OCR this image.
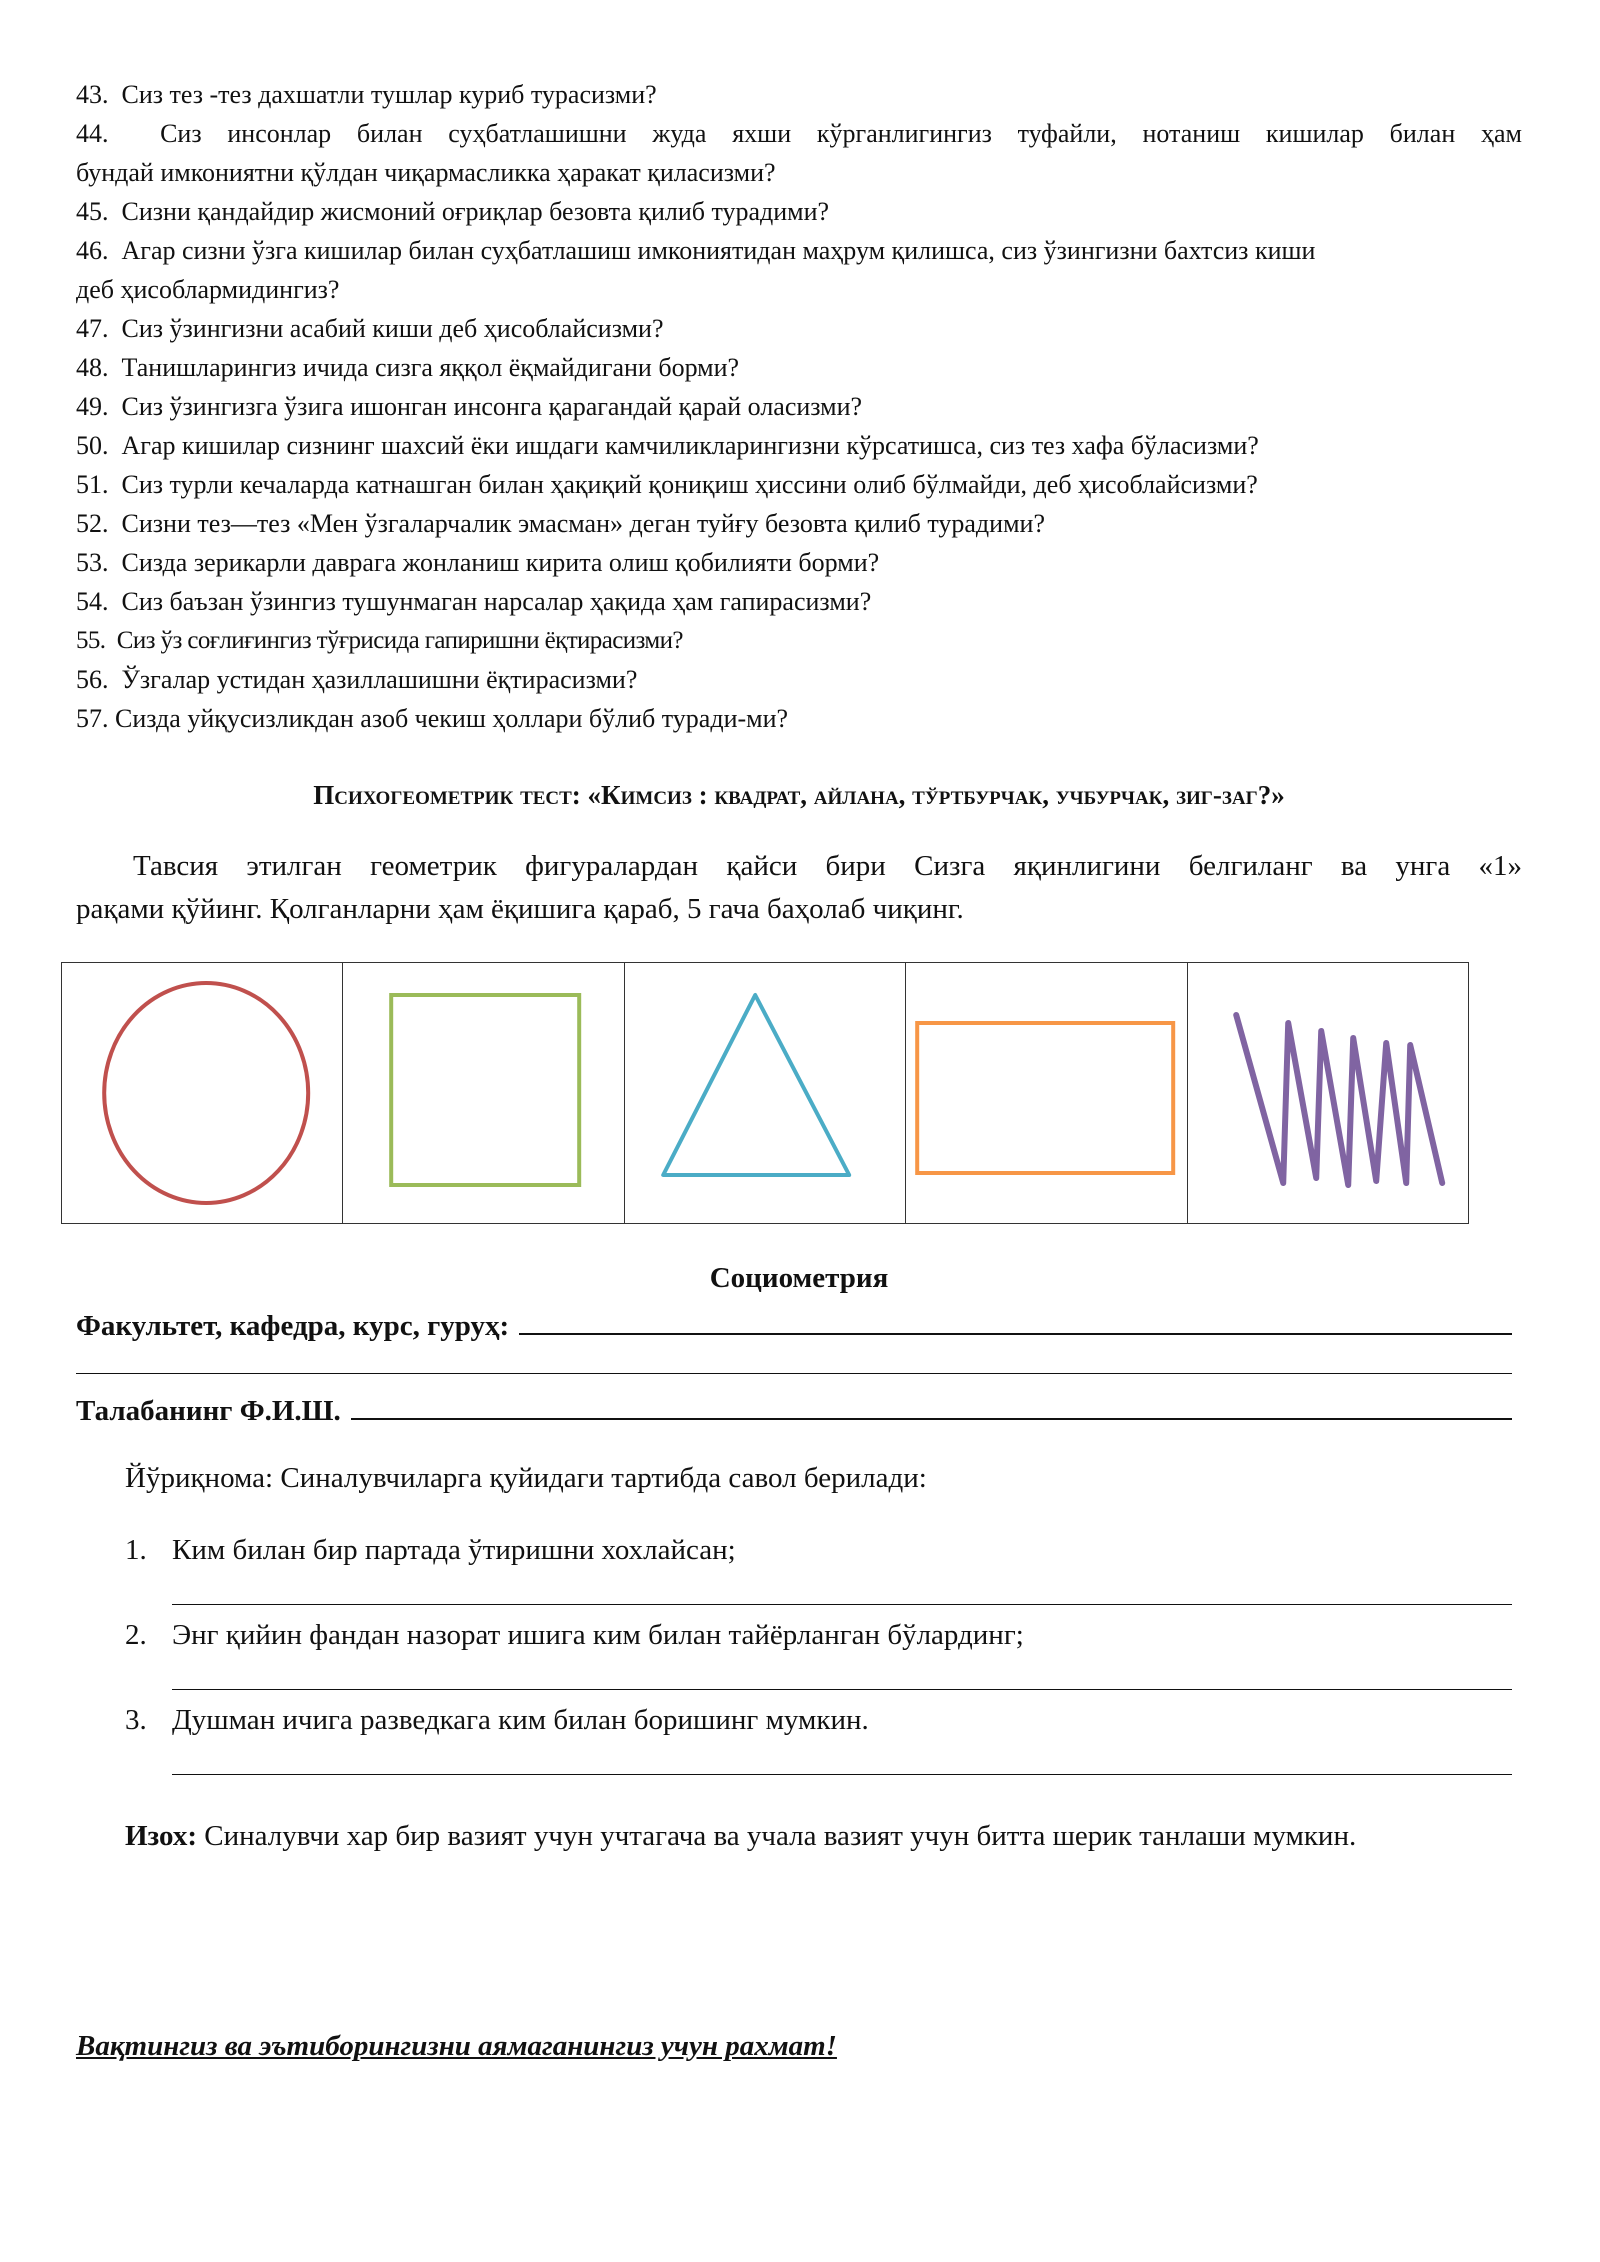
43. Сиз тез -тез дахшатли тушлар куриб турасизми?
44. Сиз инсонлар билан суҳбатлашишни жуда яхши кўрганлигингиз туфайли, нотаниш кишилар билан ҳам
бундай имкониятни қўлдан чиқармасликка ҳаракат қиласизми?
45. Сизни қандайдир жисмоний оғриқлар безовта қилиб турадими?
46. Агар сизни ўзга кишилар билан суҳбатлашиш имкониятидан маҳрум қилишса, сиз ўзингизни бахтсиз киши
деб ҳисоблармидингиз?
47. Сиз ўзингизни асабий киши деб ҳисоблайсизми?
48. Танишларингиз ичида сизга яққол ёқмайдигани борми?
49. Сиз ўзингизга ўзига ишонган инсонга қарагандай қарай оласизми?
50. Агар кишилар сизнинг шахсий ёки ишдаги камчиликларингизни кўрсатишса, сиз тез хафа бўласизми?
51. Сиз турли кечаларда катнашган билан ҳақиқий қониқиш ҳиссини олиб бўлмайди, деб ҳисоблайсизми?
52. Сизни тез—тез «Мен ўзгаларчалик эмасман» деган туйғу безовта қилиб турадими?
53. Сизда зерикарли даврага жонланиш кирита олиш қобилияти борми?
54. Сиз баъзан ўзингиз тушунмаган нарсалар ҳақида ҳам гапирасизми?
55. Сиз ўз соғлиғингиз тўғрисида гапиришни ёқтирасизми?
56. Ўзгалар устидан ҳазиллашишни ёқтирасизми?
57. Сизда уйқусизликдан азоб чекиш ҳоллари бўлиб туради-ми?
Психогеометрик тест: «Кимсиз : квадрат, айлана, тўртбурчак, учбурчак, зиг-заг?»
Тавсия этилган геометрик фигуралардан қайси бири Сизга яқинлигини белгиланг ва унга «1»
рақами қўйинг. Қолганларни ҳам ёқишига қараб, 5 гача баҳолаб чиқинг.

Социометрия
Факультет, кафедра, курс, гуруҳ:
Талабанинг Ф.И.Ш.
Йўриқнома: Синалувчиларга қуйидаги тартибда савол берилади:
1. Ким билан бир партада ўтиришни хохлайсан;
2. Энг қийин фандан назорат ишига ким билан тайёрланган бўлардинг;
3. Душман ичига разведкага ким билан боришинг мумкин.
Изох: Синалувчи хар бир вазият учун учтагача ва учала вазият учун битта шерик танлаши мумкин.
Вақтингиз ва эътиборингизни аямаганингиз учун рахмат!
